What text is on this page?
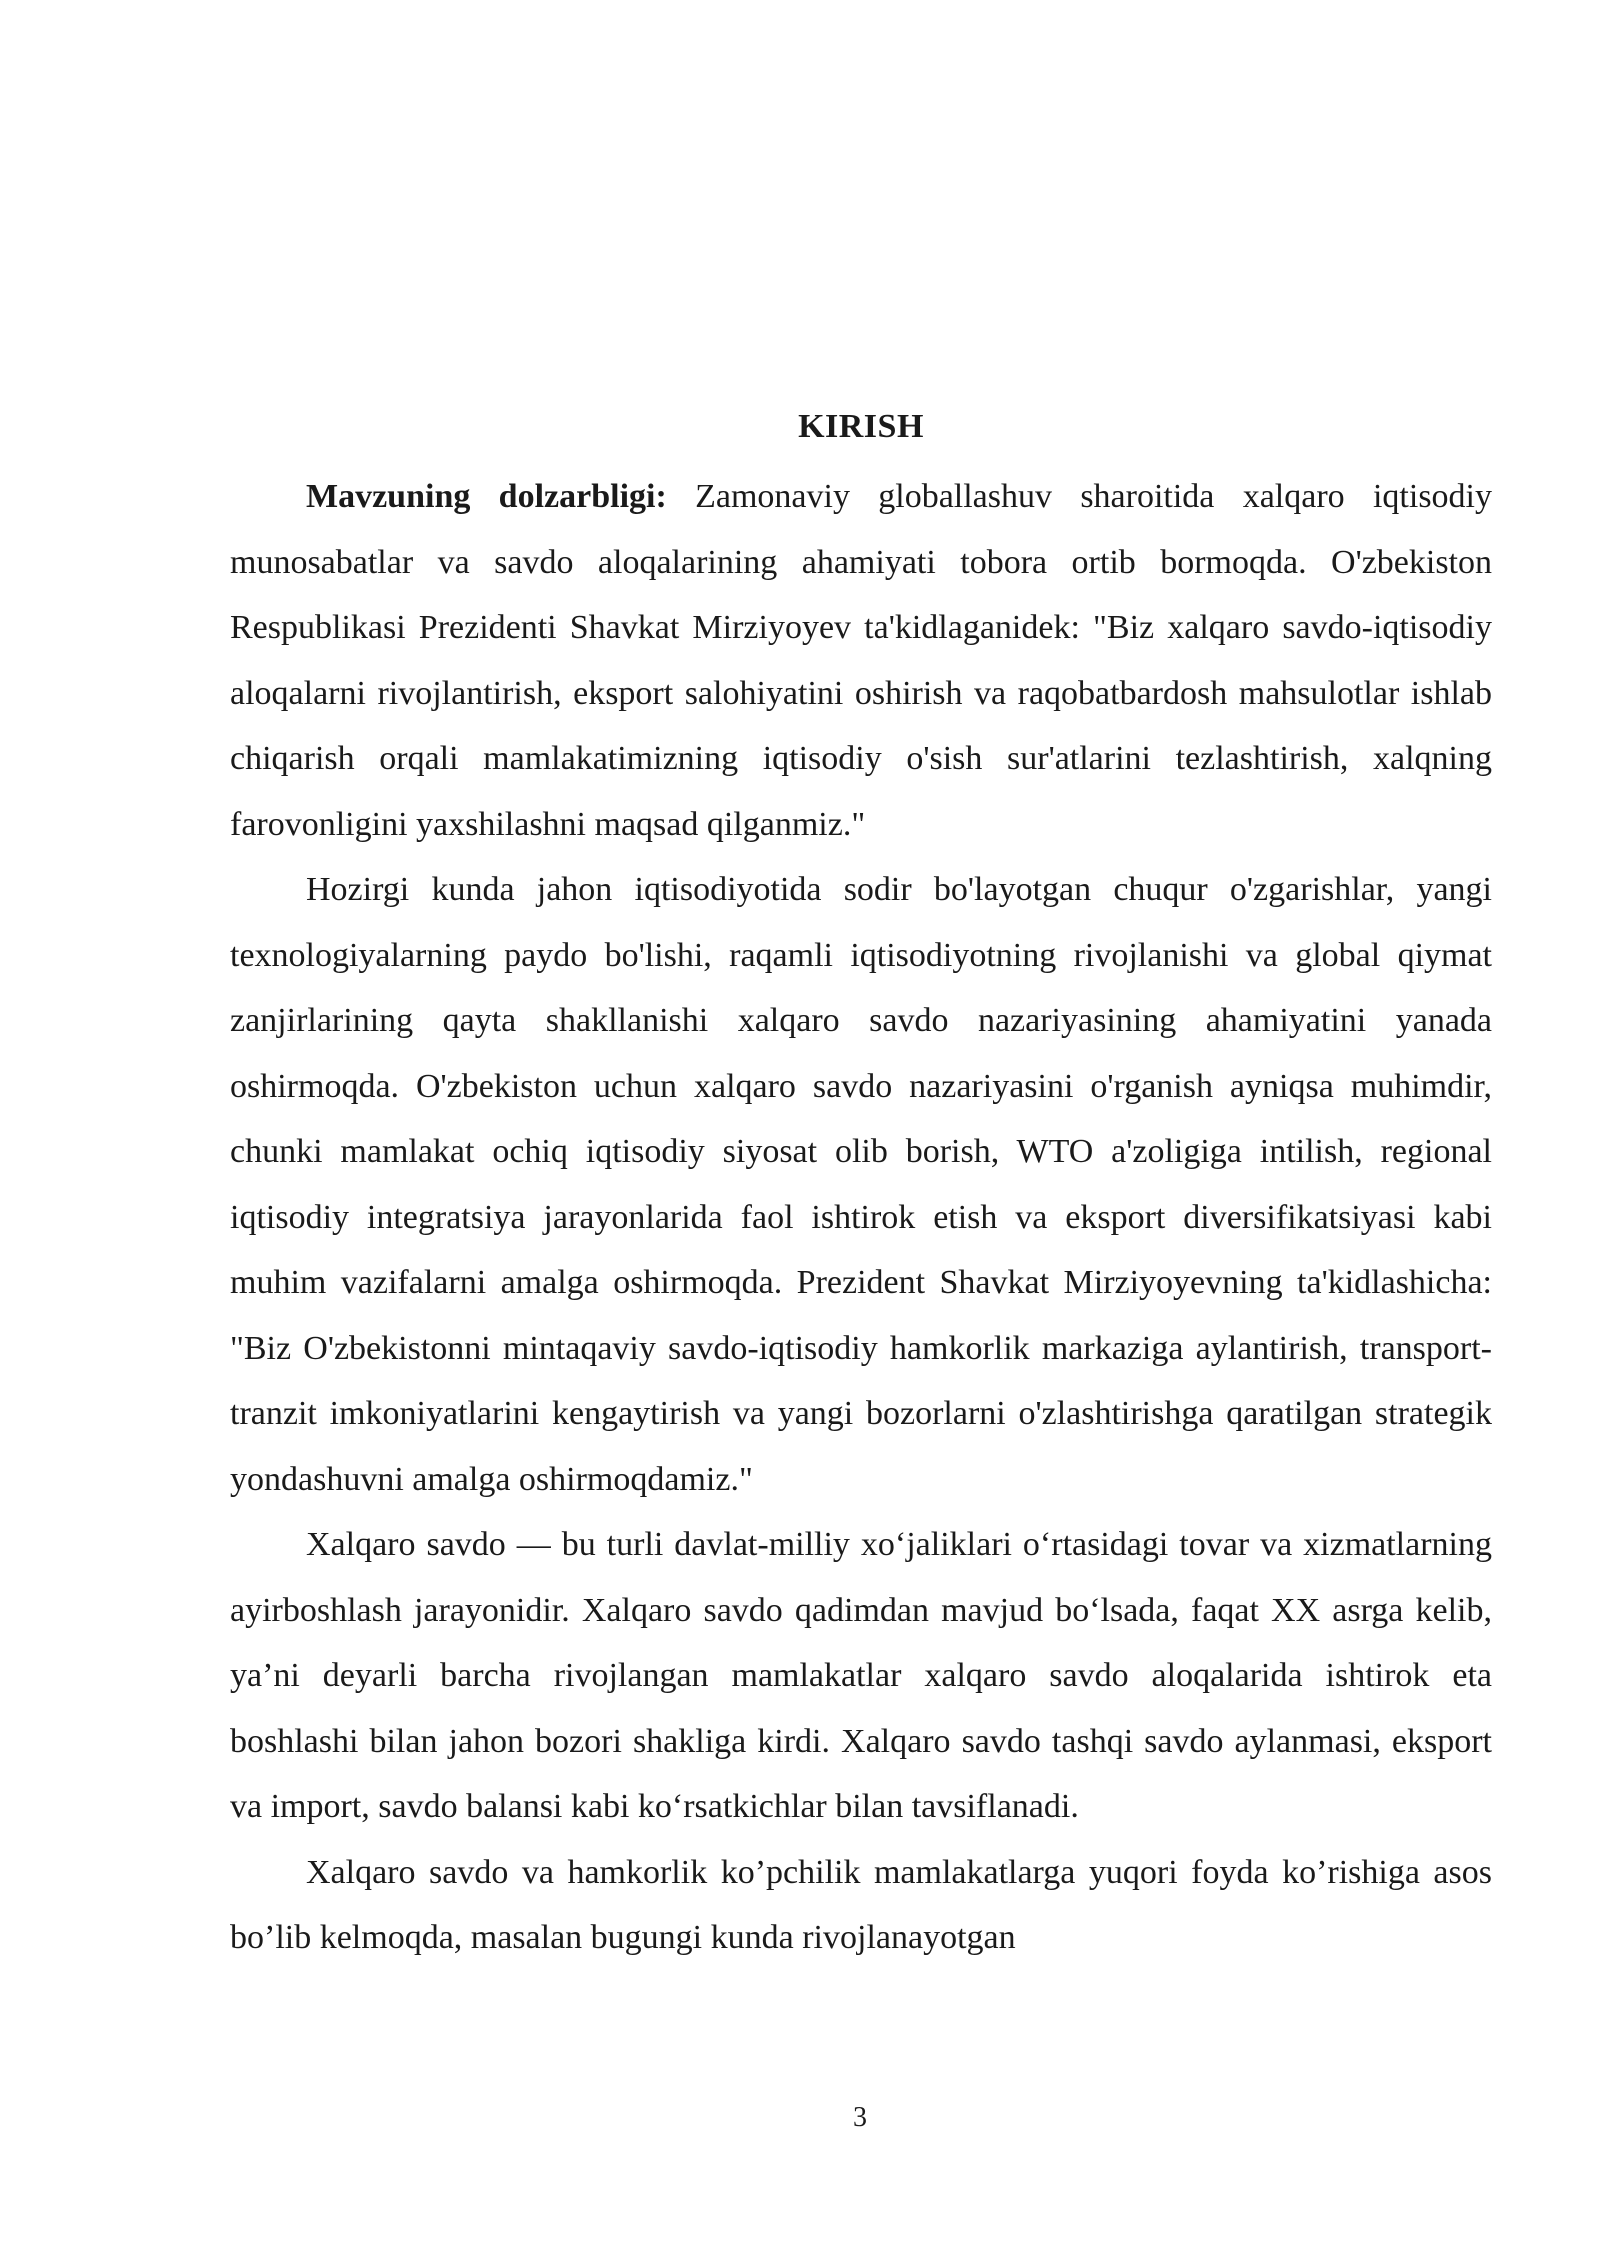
KIRISH

Mavzuning dolzarbligi: Zamonaviy globallashuv sharoitida xalqaro iqtisodiy munosabatlar va savdo aloqalarining ahamiyati tobora ortib bormoqda. O'zbekiston Respublikasi Prezidenti Shavkat Mirziyoyev ta'kidlaganidek: "Biz xalqaro savdo-iqtisodiy aloqalarni rivojlantirish, eksport salohiyatini oshirish va raqobatbardosh mahsulotlar ishlab chiqarish orqali mamlakatimizning iqtisodiy o'sish sur'atlarini tezlashtirish, xalqning farovonligini yaxshilashni maqsad qilganmiz."

Hozirgi kunda jahon iqtisodiyotida sodir bo'layotgan chuqur o'zgarishlar, yangi texnologiyalarning paydo bo'lishi, raqamli iqtisodiyotning rivojlanishi va global qiymat zanjirlarining qayta shakllanishi xalqaro savdo nazariyasining ahamiyatini yanada oshirmoqda. O'zbekiston uchun xalqaro savdo nazariyasini o'rganish ayniqsa muhimdir, chunki mamlakat ochiq iqtisodiy siyosat olib borish, WTO a'zoligiga intilish, regional iqtisodiy integratsiya jarayonlarida faol ishtirok etish va eksport diversifikatsiyasi kabi muhim vazifalarni amalga oshirmoqda. Prezident Shavkat Mirziyoyevning ta'kidlashicha: "Biz O'zbekistonni mintaqaviy savdo-iqtisodiy hamkorlik markaziga aylantirish, transport-tranzit imkoniyatlarini kengaytirish va yangi bozorlarni o'zlashtirishga qaratilgan strategik yondashuvni amalga oshirmoqdamiz."

Xalqaro savdo — bu turli davlat-milliy xo‘jaliklari o‘rtasidagi tovar va xizmatlarning ayirboshlash jarayonidir. Xalqaro savdo qadimdan mavjud bo‘lsada, faqat XX asrga kelib, ya’ni deyarli barcha rivojlangan mamlakatlar xalqaro savdo aloqalarida ishtirok eta boshlashi bilan jahon bozori shakliga kirdi. Xalqaro savdo tashqi savdo aylanmasi, eksport va import, savdo balansi kabi ko‘rsatkichlar bilan tavsiflanadi.

Xalqaro savdo va hamkorlik ko’pchilik mamlakatlarga yuqori foyda ko’rishiga asos bo’lib kelmoqda, masalan bugungi kunda rivojlanayotgan

3
